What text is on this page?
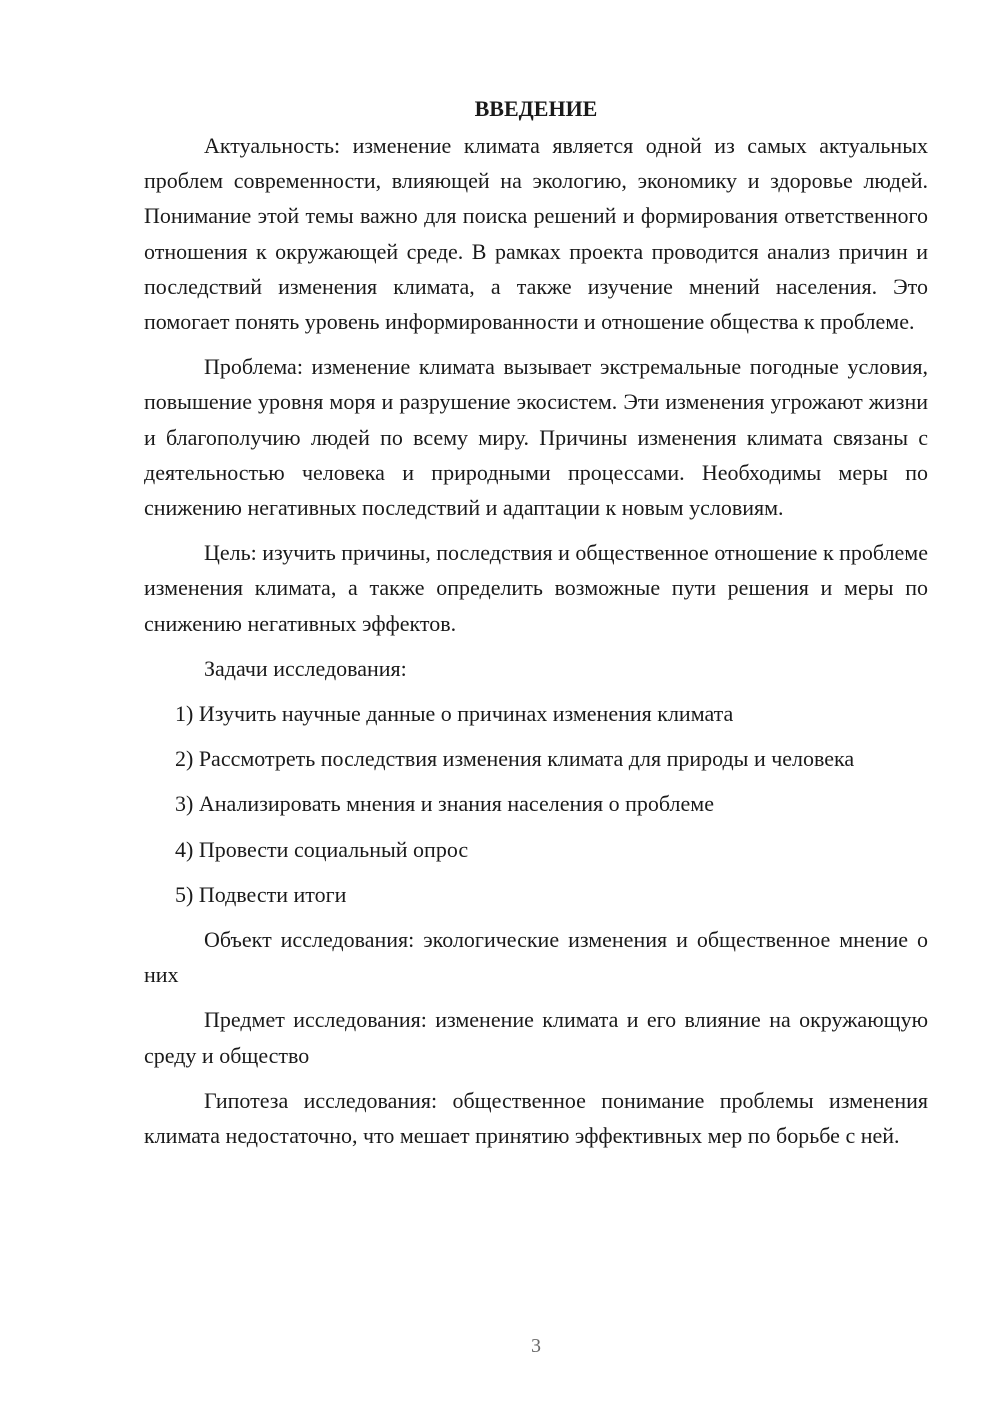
ВВЕДЕНИЕ

Актуальность: изменение климата является одной из самых актуальных проблем современности, влияющей на экологию, экономику и здоровье людей. Понимание этой темы важно для поиска решений и формирования ответственного отношения к окружающей среде. В рамках проекта проводится анализ причин и последствий изменения климата, а также изучение мнений населения. Это помогает понять уровень информированности и отношение общества к проблеме.

Проблема: изменение климата вызывает экстремальные погодные условия, повышение уровня моря и разрушение экосистем. Эти изменения угрожают жизни и благополучию людей по всему миру. Причины изменения климата связаны с деятельностью человека и природными процессами. Необходимы меры по снижению негативных последствий и адаптации к новым условиям.

Цель: изучить причины, последствия и общественное отношение к проблеме изменения климата, а также определить возможные пути решения и меры по снижению негативных эффектов.

Задачи исследования:

1) Изучить научные данные о причинах изменения климата

2) Рассмотреть последствия изменения климата для природы и человека

3) Анализировать мнения и знания населения о проблеме

4) Провести социальный опрос

5) Подвести итоги

Объект исследования: экологические изменения и общественное мнение о них

Предмет исследования: изменение климата и его влияние на окружающую среду и общество

Гипотеза исследования: общественное понимание проблемы изменения климата недостаточно, что мешает принятию эффективных мер по борьбе с ней.

3
